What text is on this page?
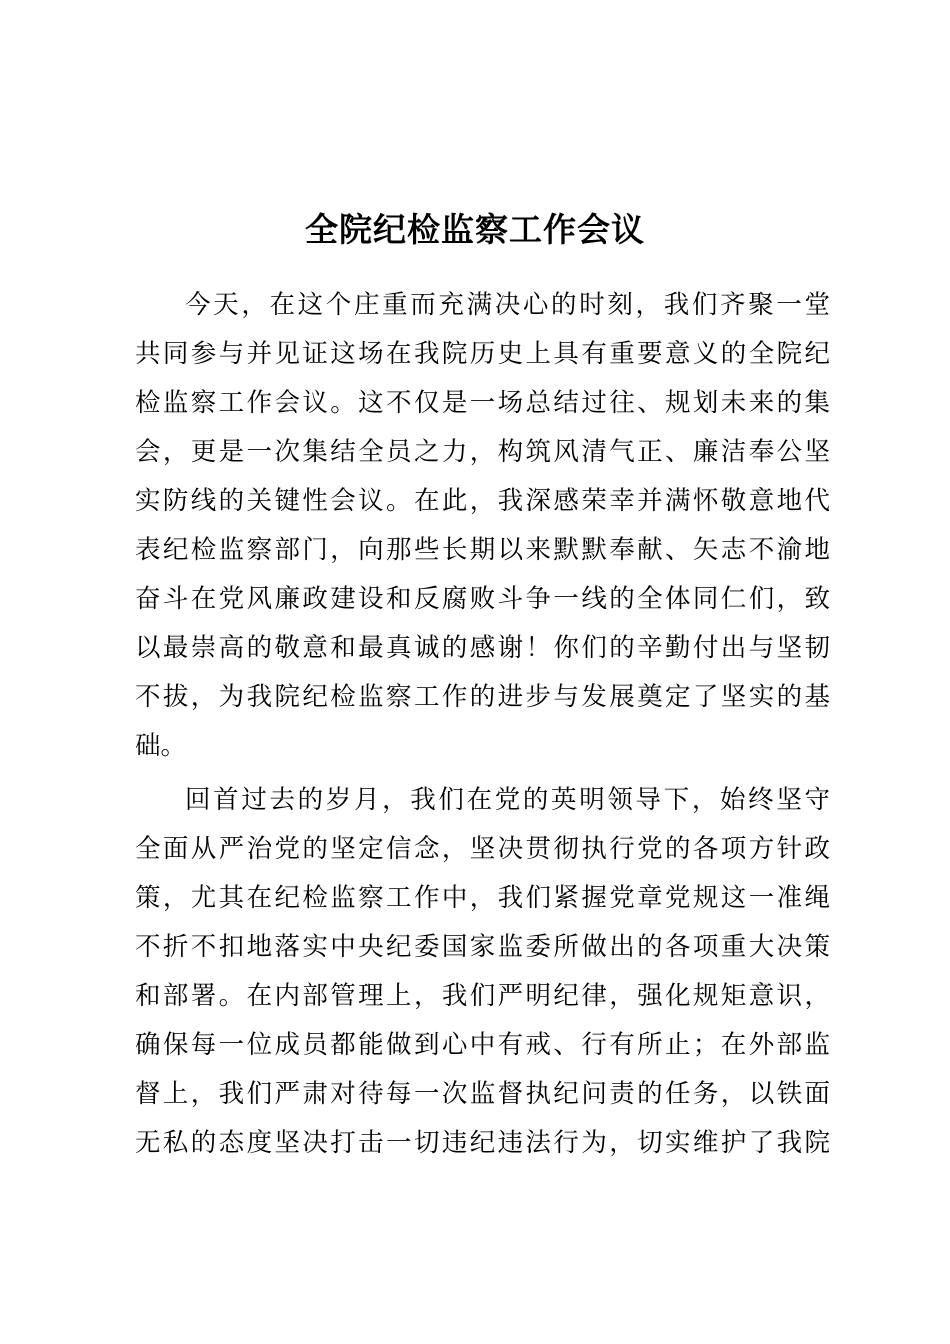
全院纪检监察工作会议
今天，在这个庄重而充满决心的时刻，我们齐聚一堂
共同参与并见证这场在我院历史上具有重要意义的全院纪
检监察工作会议。这不仅是一场总结过往、规划未来的集
会，更是一次集结全员之力，构筑风清气正、廉洁奉公坚
实防线的关键性会议。在此，我深感荣幸并满怀敬意地代
表纪检监察部门，向那些长期以来默默奉献、矢志不渝地
奋斗在党风廉政建设和反腐败斗争一线的全体同仁们，致
以最崇高的敬意和最真诚的感谢！你们的辛勤付出与坚韧
不拔，为我院纪检监察工作的进步与发展奠定了坚实的基
础。
回首过去的岁月，我们在党的英明领导下，始终坚守
全面从严治党的坚定信念，坚决贯彻执行党的各项方针政
策，尤其在纪检监察工作中，我们紧握党章党规这一准绳
不折不扣地落实中央纪委国家监委所做出的各项重大决策
和部署。在内部管理上，我们严明纪律，强化规矩意识，
确保每一位成员都能做到心中有戒、行有所止；在外部监
督上，我们严肃对待每一次监督执纪问责的任务，以铁面
无私的态度坚决打击一切违纪违法行为，切实维护了我院
